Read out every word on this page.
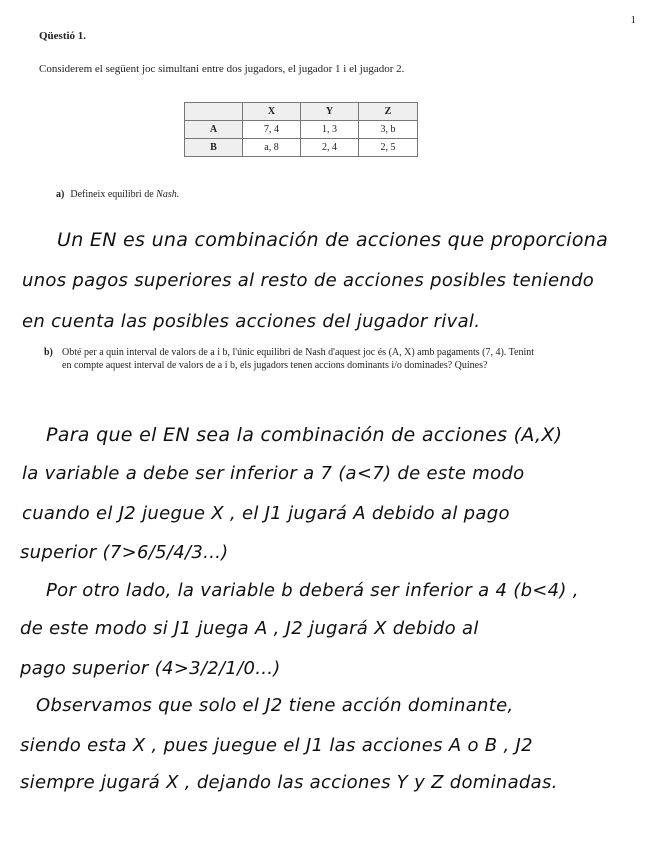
1
Qüestió 1.
Considerem el següent joc simultani entre dos jugadors, el jugador 1 i el jugador 2.
	X	Y	Z
A	7, 4	1, 3	3, b
B	a, 8	2, 4	2, 5
a) Defineix equilibri de Nash.
Un EN es una combinación de acciones que proporciona
unos pagos superiores al resto de acciones posibles teniendo
en cuenta las posibles acciones del jugador rival.
b) Obté per a quin interval de valors de a i b, l'únic equilibri de Nash d'aquest joc és (A, X) amb pagaments (7, 4). Tenint en compte aquest interval de valors de a i b, els jugadors tenen accions dominants i/o dominades? Quines?
Para que el EN sea la combinación de acciones (A,X)
la variable a debe ser inferior a 7 (a<7) de este modo
cuando el J2 juegue X , el J1 jugará A debido al pago
superior (7>6/5/4/3...)
Por otro lado, la variable b deberá ser inferior a 4 (b<4) ,
de este modo si J1 juega A , J2 jugará X debido al
pago superior (4>3/2/1/0...)
Observamos que solo el J2 tiene acción dominante,
siendo esta X , pues juegue el J1 las acciones A o B , J2
siempre jugará X , dejando las acciones Y y Z dominadas.
